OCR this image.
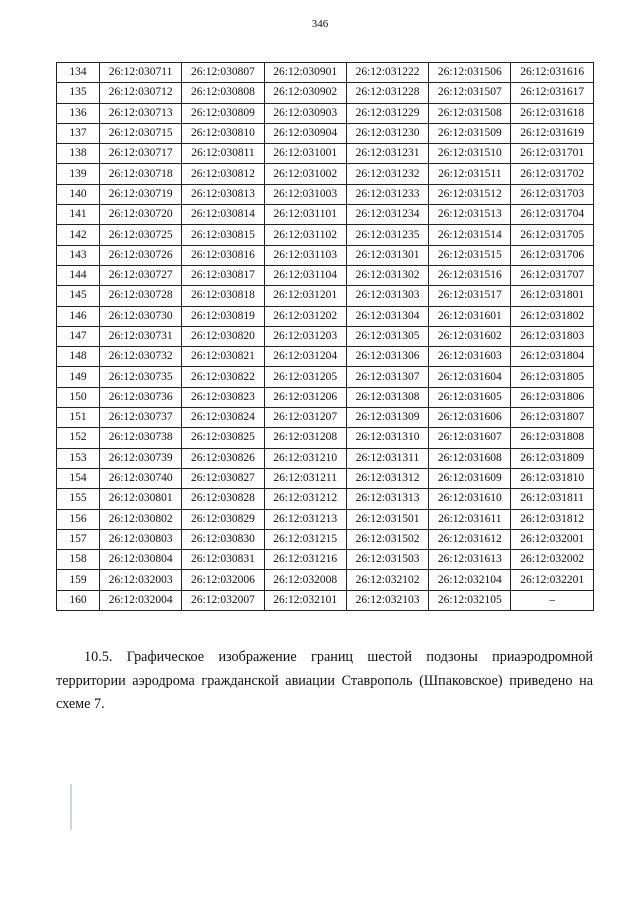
346
134	26:12:030711	26:12:030807	26:12:030901	26:12:031222	26:12:031506	26:12:031616
135	26:12:030712	26:12:030808	26:12:030902	26:12:031228	26:12:031507	26:12:031617
136	26:12:030713	26:12:030809	26:12:030903	26:12:031229	26:12:031508	26:12:031618
137	26:12:030715	26:12:030810	26:12:030904	26:12:031230	26:12:031509	26:12:031619
138	26:12:030717	26:12:030811	26:12:031001	26:12:031231	26:12:031510	26:12:031701
139	26:12:030718	26:12:030812	26:12:031002	26:12:031232	26:12:031511	26:12:031702
140	26:12:030719	26:12:030813	26:12:031003	26:12:031233	26:12:031512	26:12:031703
141	26:12:030720	26:12:030814	26:12:031101	26:12:031234	26:12:031513	26:12:031704
142	26:12:030725	26:12:030815	26:12:031102	26:12:031235	26:12:031514	26:12:031705
143	26:12:030726	26:12:030816	26:12:031103	26:12:031301	26:12:031515	26:12:031706
144	26:12:030727	26:12:030817	26:12:031104	26:12:031302	26:12:031516	26:12:031707
145	26:12:030728	26:12:030818	26:12:031201	26:12:031303	26:12:031517	26:12:031801
146	26:12:030730	26:12:030819	26:12:031202	26:12:031304	26:12:031601	26:12:031802
147	26:12:030731	26:12:030820	26:12:031203	26:12:031305	26:12:031602	26:12:031803
148	26:12:030732	26:12:030821	26:12:031204	26:12:031306	26:12:031603	26:12:031804
149	26:12:030735	26:12:030822	26:12:031205	26:12:031307	26:12:031604	26:12:031805
150	26:12:030736	26:12:030823	26:12:031206	26:12:031308	26:12:031605	26:12:031806
151	26:12:030737	26:12:030824	26:12:031207	26:12:031309	26:12:031606	26:12:031807
152	26:12:030738	26:12:030825	26:12:031208	26:12:031310	26:12:031607	26:12:031808
153	26:12:030739	26:12:030826	26:12:031210	26:12:031311	26:12:031608	26:12:031809
154	26:12:030740	26:12:030827	26:12:031211	26:12:031312	26:12:031609	26:12:031810
155	26:12:030801	26:12:030828	26:12:031212	26:12:031313	26:12:031610	26:12:031811
156	26:12:030802	26:12:030829	26:12:031213	26:12:031501	26:12:031611	26:12:031812
157	26:12:030803	26:12:030830	26:12:031215	26:12:031502	26:12:031612	26:12:032001
158	26:12:030804	26:12:030831	26:12:031216	26:12:031503	26:12:031613	26:12:032002
159	26:12:032003	26:12:032006	26:12:032008	26:12:032102	26:12:032104	26:12:032201
160	26:12:032004	26:12:032007	26:12:032101	26:12:032103	26:12:032105	–

10.5. Графическое изображение границ шестой подзоны приаэродромной территории аэродрома гражданской авиации Ставрополь (Шпаковское) приведено на схеме 7.
